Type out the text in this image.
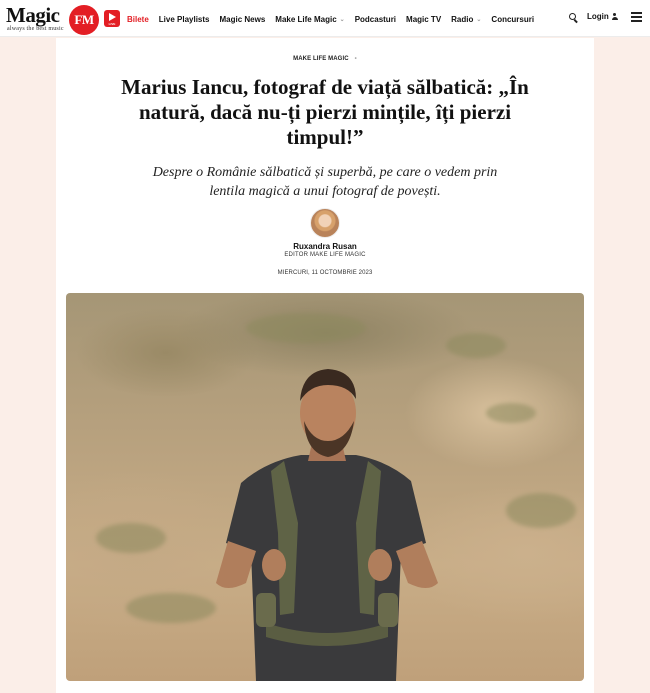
Magic	FM
always the best music
LIVE
Bilete Live Playlists Magic News Make Life Magic ⌄ Podcasturi Magic TV Radio ⌄ Concursuri	Login
MAKE LIFE MAGIC •
Marius Iancu, fotograf de viață sălbatică: „În natură, dacă nu-ți pierzi mințile, îți pierzi timpul!”

Despre o Românie sălbatică și superbă, pe care o vedem prin lentila magică a unui fotograf de povești.

Ruxandra Rusan
EDITOR MAKE LIFE MAGIC
MIERCURI, 11 OCTOMBRIE 2023
